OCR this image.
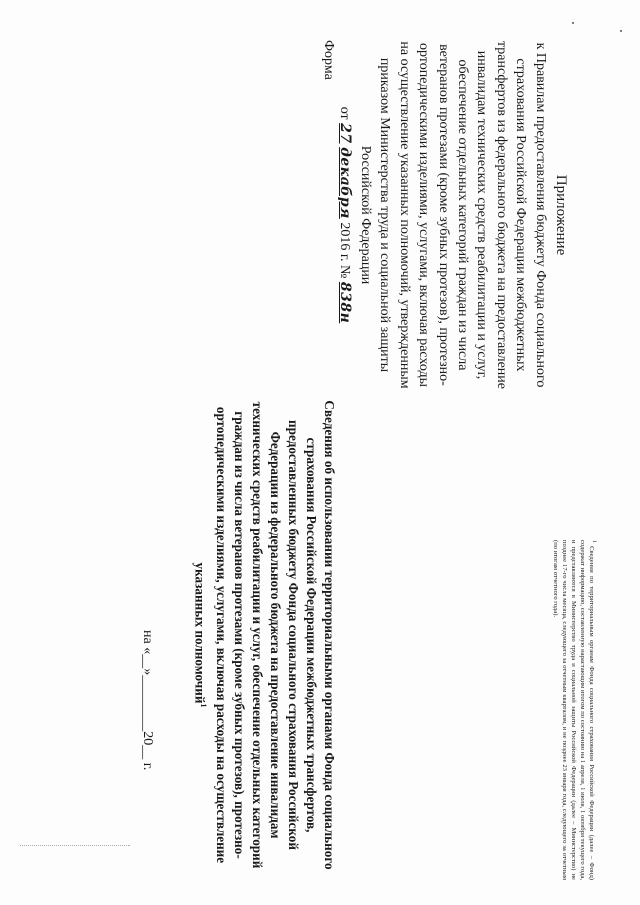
Приложение
к Правилам предоставления бюджету Фонда социального
страхования Российской Федерации межбюджетных
трансфертов из федерального бюджета на предоставление
инвалидам технических средств реабилитации и услуг,
обеспечение отдельных категорий граждан из числа
ветеранов протезами (кроме зубных протезов), протезно-
ортопедическими изделиями, услугами, включая расходы
на осуществление указанных полномочий, утвержденным
приказом Министерства труда и социальной защиты
Российской Федерации
от 27 декабря 2016 г. № 838н
Форма
Сведения об использовании территориальными органами Фонда социального страхования Российской Федерации межбюджетных трансфертов, предоставленных бюджету Фонда социального страхования Российской Федерации из федерального бюджета на предоставление инвалидам технических средств реабилитации и услуг, обеспечение отдельных категорий граждан из числа ветеранов протезами (кроме зубных протезов), протезно-ортопедическими изделиями, услугами, включая расходы на осуществление указанных полномочий$^1$
на «__»________20__ г.
$^1$ Сведения по территориальным органам Фонда социального страхования Российской Федерации (далее – Фонд) содержат информацию, составленную нарастающим итогом по состоянию на 1 апреля, 1 июля, 1 октября текущего года, и представляются в Министерство труда и социальной защиты Российской Федерации (далее – Министерство) не позднее 17-го числа месяца, следующего за отчетным кварталом, и не позднее 23 января года, следующего за отчетным (по итогам отчетного года).
